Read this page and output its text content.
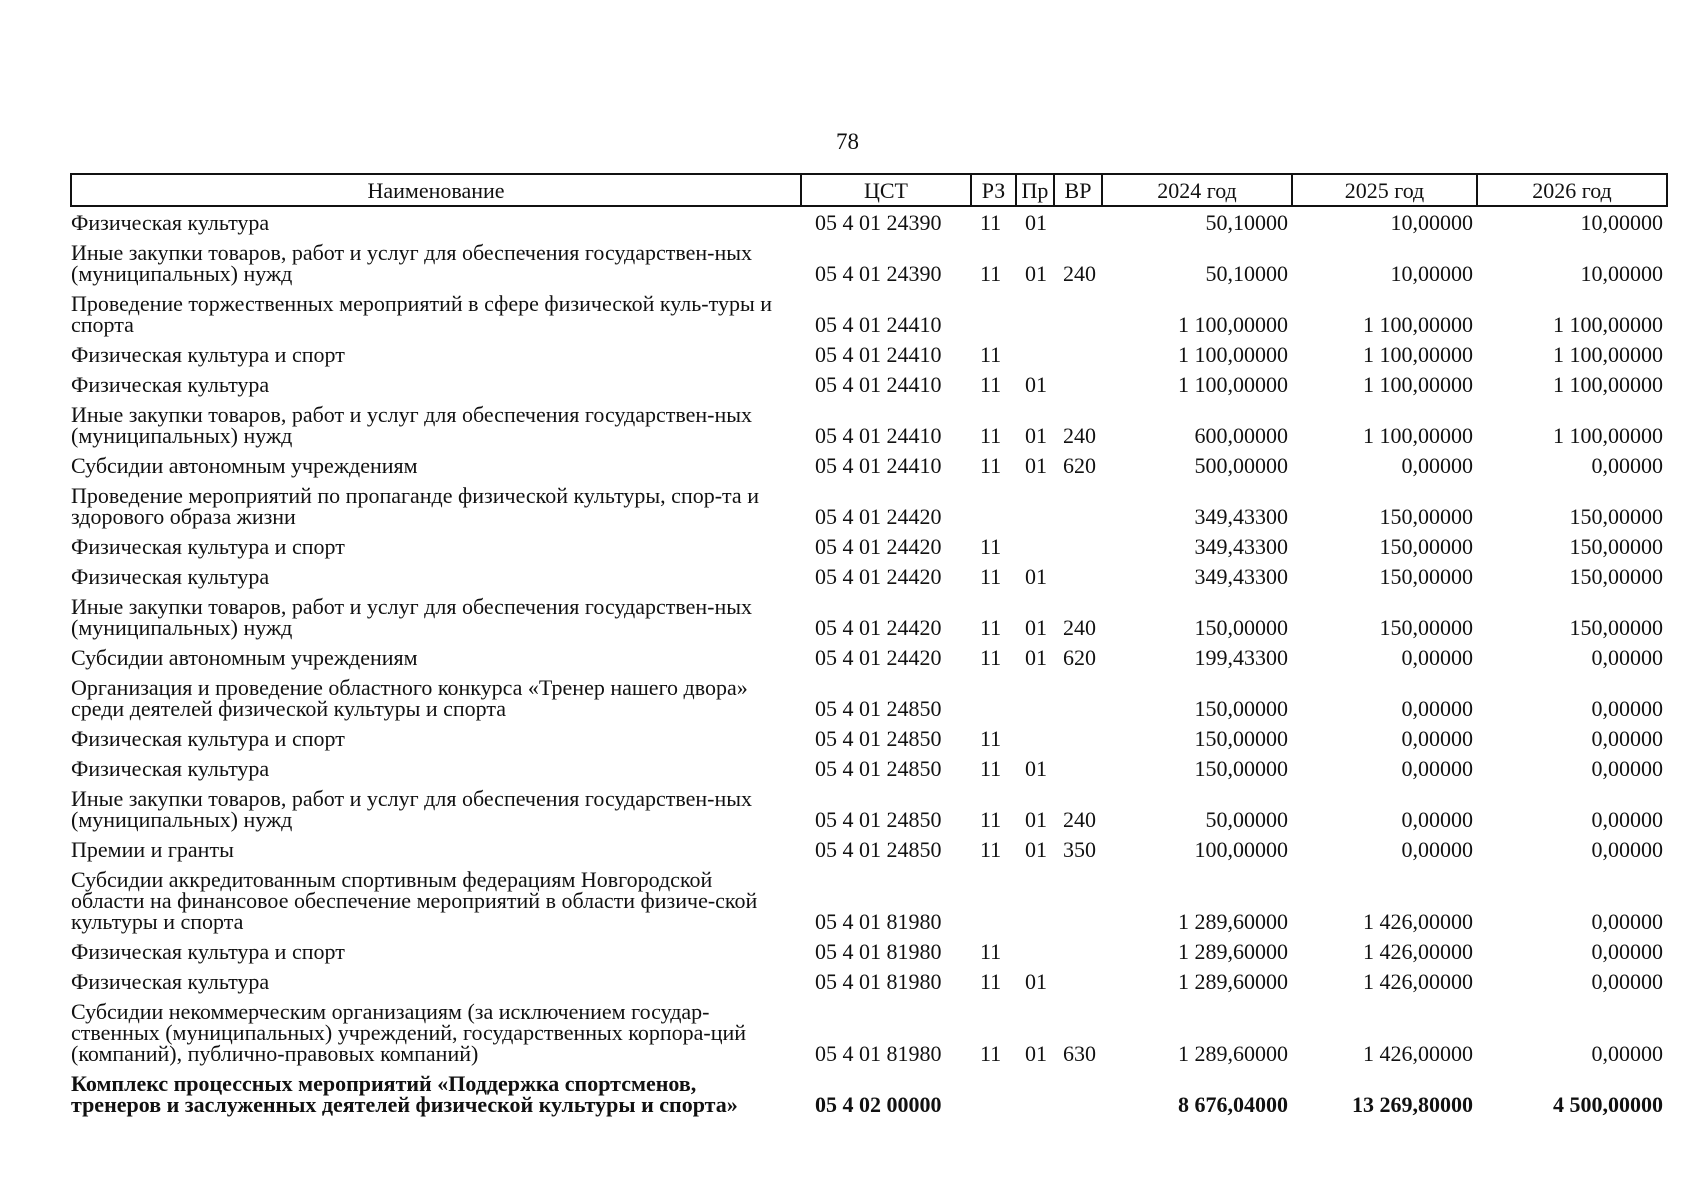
78
Наименование	ЦСТ	РЗ	Пр	ВР	2024 год	2025 год	2026 год
Физическая культура	05 4 01 24390	11	01		50,10000	10,00000	10,00000
Иные закупки товаров, работ и услуг для обеспечения государствен-ных (муниципальных) нужд	05 4 01 24390	11	01	240	50,10000	10,00000	10,00000
Проведение торжественных мероприятий в сфере физической куль-туры и спорта	05 4 01 24410				1 100,00000	1 100,00000	1 100,00000
Физическая культура и спорт	05 4 01 24410	11			1 100,00000	1 100,00000	1 100,00000
Физическая культура	05 4 01 24410	11	01		1 100,00000	1 100,00000	1 100,00000
Иные закупки товаров, работ и услуг для обеспечения государствен-ных (муниципальных) нужд	05 4 01 24410	11	01	240	600,00000	1 100,00000	1 100,00000
Субсидии автономным учреждениям	05 4 01 24410	11	01	620	500,00000	0,00000	0,00000
Проведение мероприятий по пропаганде физической культуры, спор-та и здорового образа жизни	05 4 01 24420				349,43300	150,00000	150,00000
Физическая культура и спорт	05 4 01 24420	11			349,43300	150,00000	150,00000
Физическая культура	05 4 01 24420	11	01		349,43300	150,00000	150,00000
Иные закупки товаров, работ и услуг для обеспечения государствен-ных (муниципальных) нужд	05 4 01 24420	11	01	240	150,00000	150,00000	150,00000
Субсидии автономным учреждениям	05 4 01 24420	11	01	620	199,43300	0,00000	0,00000
Организация и проведение областного конкурса «Тренер нашего двора» среди деятелей физической культуры и спорта	05 4 01 24850				150,00000	0,00000	0,00000
Физическая культура и спорт	05 4 01 24850	11			150,00000	0,00000	0,00000
Физическая культура	05 4 01 24850	11	01		150,00000	0,00000	0,00000
Иные закупки товаров, работ и услуг для обеспечения государствен-ных (муниципальных) нужд	05 4 01 24850	11	01	240	50,00000	0,00000	0,00000
Премии и гранты	05 4 01 24850	11	01	350	100,00000	0,00000	0,00000
Субсидии аккредитованным спортивным федерациям Новгородской области на финансовое обеспечение мероприятий в области физиче-ской культуры и спорта	05 4 01 81980				1 289,60000	1 426,00000	0,00000
Физическая культура и спорт	05 4 01 81980	11			1 289,60000	1 426,00000	0,00000
Физическая культура	05 4 01 81980	11	01		1 289,60000	1 426,00000	0,00000
Субсидии некоммерческим организациям (за исключением государ-ственных (муниципальных) учреждений, государственных корпора-ций (компаний), публично-правовых компаний)	05 4 01 81980	11	01	630	1 289,60000	1 426,00000	0,00000
Комплекс процессных мероприятий «Поддержка спортсменов, тренеров и заслуженных деятелей физической культуры и спорта»	05 4 02 00000				8 676,04000	13 269,80000	4 500,00000
